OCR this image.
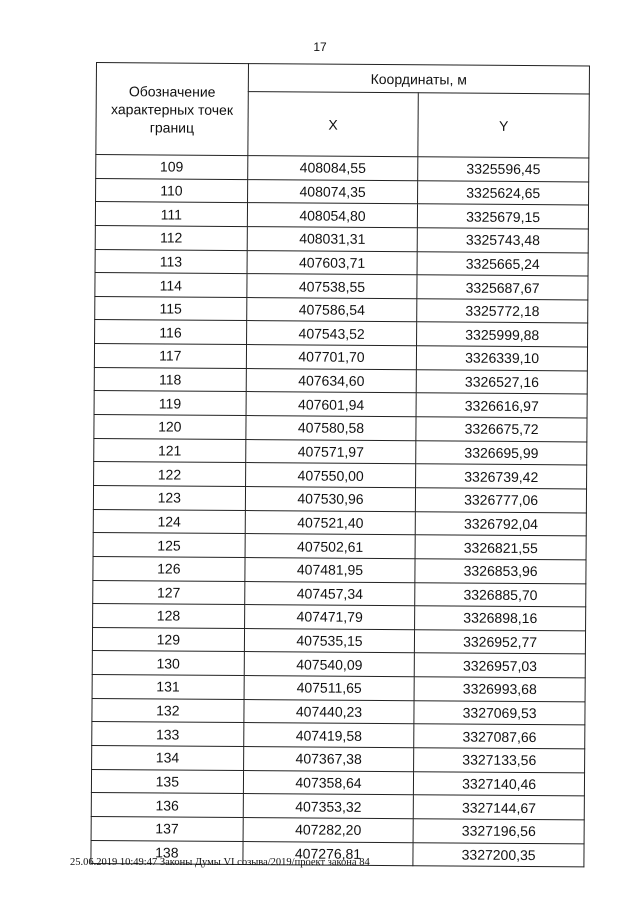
17
Обозначение характерных точек границ	Координаты, м	
	X	Y
109	408084,55	3325596,45
110	408074,35	3325624,65
111	408054,80	3325679,15
112	408031,31	3325743,48
113	407603,71	3325665,24
114	407538,55	3325687,67
115	407586,54	3325772,18
116	407543,52	3325999,88
117	407701,70	3326339,10
118	407634,60	3326527,16
119	407601,94	3326616,97
120	407580,58	3326675,72
121	407571,97	3326695,99
122	407550,00	3326739,42
123	407530,96	3326777,06
124	407521,40	3326792,04
125	407502,61	3326821,55
126	407481,95	3326853,96
127	407457,34	3326885,70
128	407471,79	3326898,16
129	407535,15	3326952,77
130	407540,09	3326957,03
131	407511,65	3326993,68
132	407440,23	3327069,53
133	407419,58	3327087,66
134	407367,38	3327133,56
135	407358,64	3327140,46
136	407353,32	3327144,67
137	407282,20	3327196,56
138	407276,81	3327200,35
25.06.2019 10:49:47 Законы Думы VI созыва/2019/проект закона 84
